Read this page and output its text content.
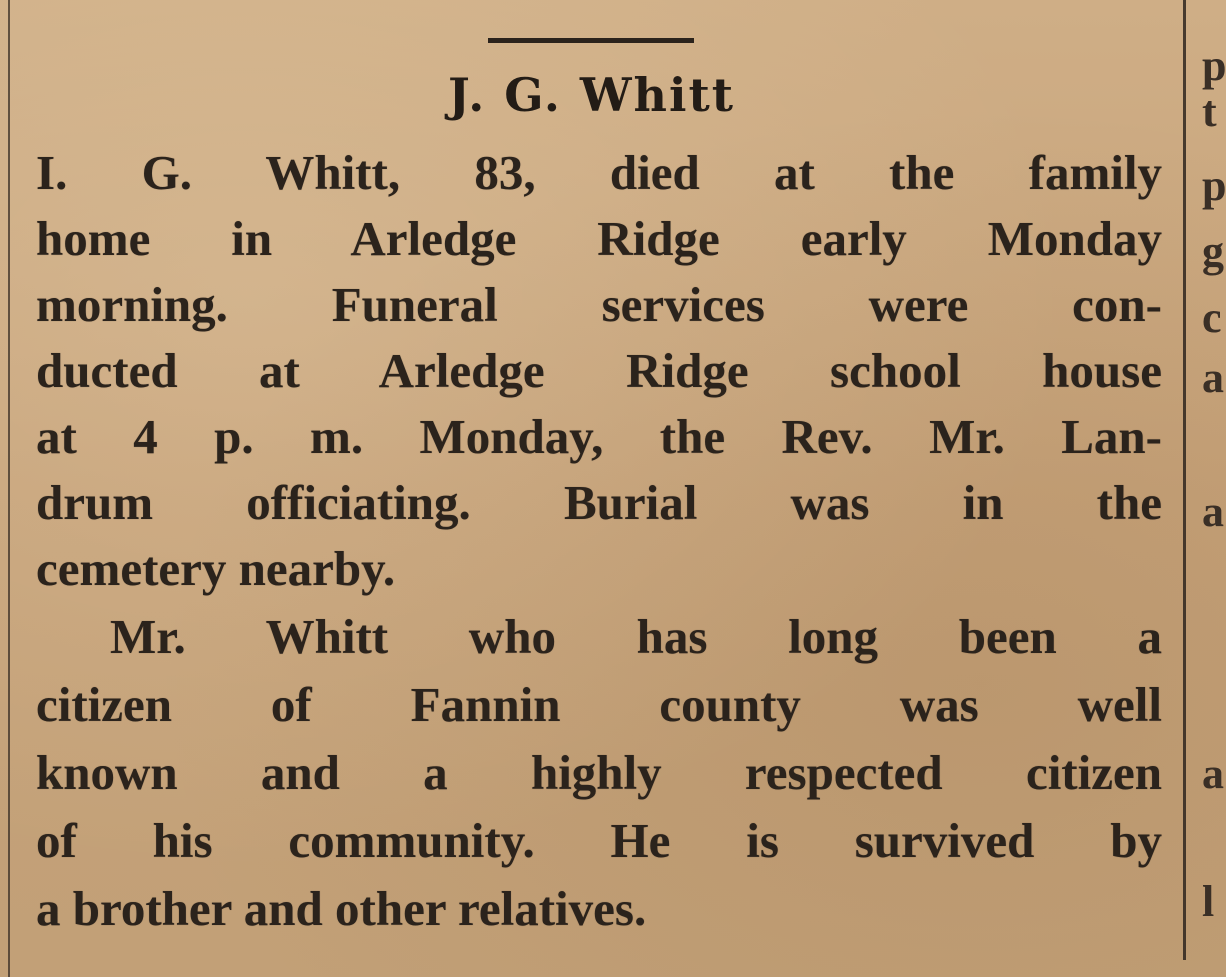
J. G. Whitt

I. G. Whitt, 83, died at the family

home in Arledge Ridge early Monday

morning. Funeral services were con-

ducted at Arledge Ridge school house

at 4 p. m. Monday, the Rev. Mr. Lan-

drum officiating. Burial was in the

cemetery nearby.

Mr. Whitt who has long been a

citizen of Fannin county was well

known and a highly respected citizen

of his community. He is survived by

a brother and other relatives.

p

t

p

g

c

a

a

a

l
